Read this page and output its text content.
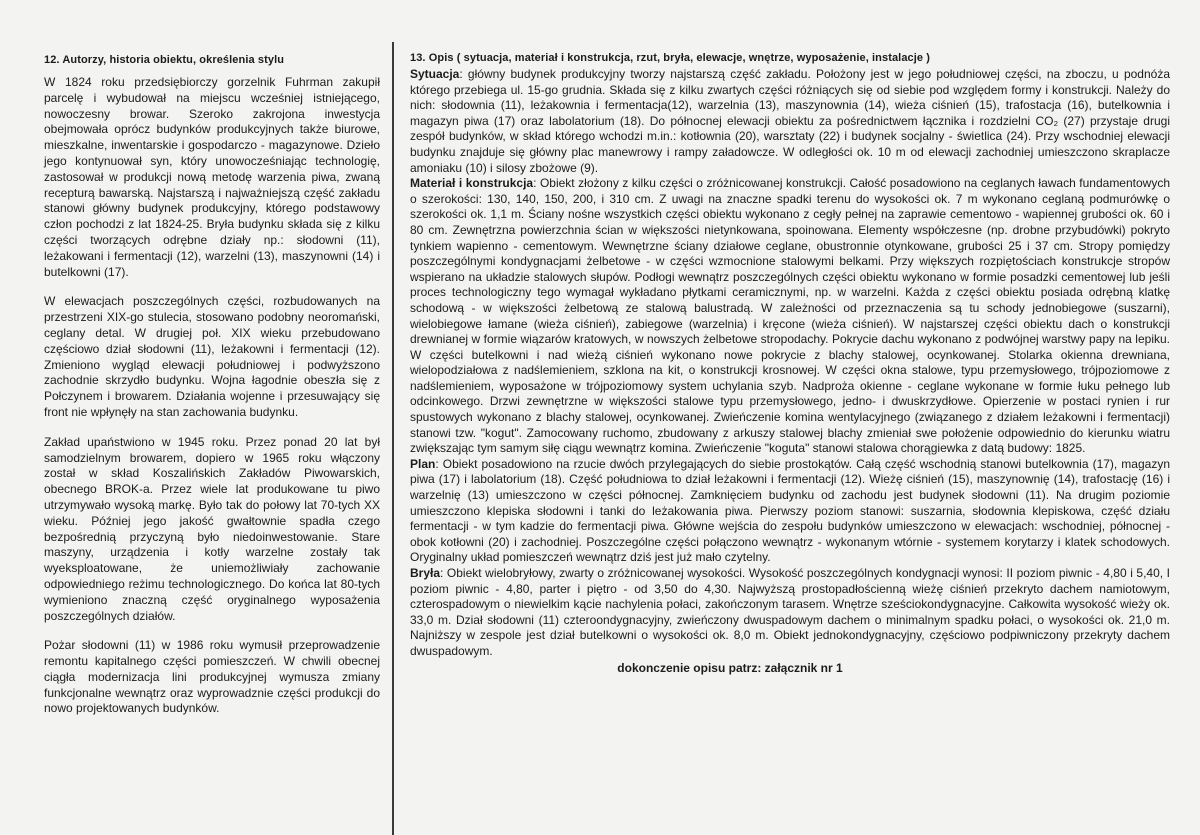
12. Autorzy, historia obiektu, określenia stylu

W 1824 roku przedsiębiorczy gorzelnik Fuhrman zakupił parcelę i wybudował na miejscu wcześniej istniejącego, nowoczesny browar. Szeroko zakrojona inwestycja obejmowała oprócz budynków produkcyjnych także biurowe, mieszkalne, inwentarskie i gospodarczo - magazynowe. Dzieło jego kontynuował syn, który unowocześniając technologię, zastosował w produkcji nową metodę warzenia piwa, zwaną recepturą bawarską. Najstarszą i najważniejszą część zakładu stanowi główny budynek produkcyjny, którego podstawowy człon pochodzi z lat 1824-25. Bryła budynku składa się z kilku części tworzących odrębne działy np.: słodowni (11), leżakowani i fermentacji (12), warzelni (13), maszynowni (14) i butelkowni (17).

W elewacjach poszczególnych części, rozbudowanych na przestrzeni XIX-go stulecia, stosowano podobny neoromański, ceglany detal. W drugiej poł. XIX wieku przebudowano częściowo dział słodowni (11), leżakowni i fermentacji (12). Zmieniono wygląd elewacji południowej i podwyższono zachodnie skrzydło budynku. Wojna łagodnie obeszła się z Połczynem i browarem. Działania wojenne i przesuwający się front nie wpłynęły na stan zachowania budynku.

Zakład upaństwiono w 1945 roku. Przez ponad 20 lat był samodzielnym browarem, dopiero w 1965 roku włączony został w skład Koszalińskich Zakładów Piwowarskich, obecnego BROK-a. Przez wiele lat produkowane tu piwo utrzymywało wysoką markę. Było tak do połowy lat 70-tych XX wieku. Później jego jakość gwałtownie spadła czego bezpośrednią przyczyną było niedoinwestowanie. Stare maszyny, urządzenia i kotły warzelne zostały tak wyeksploatowane, że uniemożliwiały zachowanie odpowiedniego reżimu technologicznego. Do końca lat 80-tych wymieniono znaczną część oryginalnego wyposażenia poszczególnych działów.

Pożar słodowni (11) w 1986 roku wymusił przeprowadzenie remontu kapitalnego części pomieszczeń. W chwili obecnej ciągła modernizacja lini produkcyjnej wymusza zmiany funkcjonalne wewnątrz oraz wyprowadznie części produkcji do nowo projektowanych budynków.

13. Opis ( sytuacja, materiał i konstrukcja, rzut, bryła, elewacje, wnętrze, wyposażenie, instalacje )

Sytuacja: główny budynek produkcyjny tworzy najstarszą część zakładu. Położony jest w jego południowej części, na zboczu, u podnóża którego przebiega ul. 15-go grudnia. Składa się z kilku zwartych części różniących się od siebie pod względem formy i konstrukcji. Należy do nich: słodownia (11), leżakownia i fermentacja(12), warzelnia (13), maszynownia (14), wieża ciśnień (15), trafostacja (16), butelkownia i magazyn piwa (17) oraz labolatorium (18). Do północnej elewacji obiektu za pośrednictwem łącznika i rozdzielni CO₂ (27) przystaje drugi zespół budynków, w skład którego wchodzi m.in.: kotłownia (20), warsztaty (22) i budynek socjalny - świetlica (24). Przy wschodniej elewacji budynku znajduje się główny plac manewrowy i rampy załadowcze. W odległości ok. 10 m od elewacji zachodniej umieszczono skraplacze amoniaku (10) i silosy zbożowe (9).

Materiał i konstrukcja: Obiekt złożony z kilku części o zróżnicowanej konstrukcji. Całość posadowiono na ceglanych ławach fundamentowych o szerokości: 130, 140, 150, 200, i 310 cm. Z uwagi na znaczne spadki terenu do wysokości ok. 7 m wykonano ceglaną podmurówkę o szerokości ok. 1,1 m. Ściany nośne wszystkich części obiektu wykonano z cegły pełnej na zaprawie cementowo - wapiennej grubości ok. 60 i 80 cm. Zewnętrzna powierzchnia ścian w większości nietynkowana, spoinowana. Elementy współczesne (np. drobne przybudówki) pokryto tynkiem wapienno - cementowym. Wewnętrzne ściany działowe ceglane, obustronnie otynkowane, grubości 25 i 37 cm. Stropy pomiędzy poszczególnymi kondygnacjami żelbetowe - w części wzmocnione stalowymi belkami. Przy większych rozpiętościach konstrukcje stropów wspierano na układzie stalowych słupów. Podłogi wewnątrz poszczególnych części obiektu wykonano w formie posadzki cementowej lub jeśli proces technologiczny tego wymagał wykładano płytkami ceramicznymi, np. w warzelni. Każda z części obiektu posiada odrębną klatkę schodową - w większości żelbetową ze stalową balustradą. W zależności od przeznaczenia są tu schody jednobiegowe (suszarni), wielobiegowe łamane (wieża ciśnień), zabiegowe (warzelnia) i kręcone (wieża ciśnień). W najstarszej części obiektu dach o konstrukcji drewnianej w formie wiązarów kratowych, w nowszych żelbetowe stropodachy. Pokrycie dachu wykonano z podwójnej warstwy papy na lepiku. W części butelkowni i nad wieżą ciśnień wykonano nowe pokrycie z blachy stalowej, ocynkowanej. Stolarka okienna drewniana, wielopodziałowa z nadślemieniem, szklona na kit, o konstrukcji krosnowej. W części okna stalowe, typu przemysłowego, trójpoziomowe z nadślemieniem, wyposażone w trójpoziomowy system uchylania szyb. Nadproża okienne - ceglane wykonane w formie łuku pełnego lub odcinkowego. Drzwi zewnętrzne w większości stalowe typu przemysłowego, jedno- i dwuskrzydłowe. Opierzenie w postaci rynien i rur spustowych wykonano z blachy stalowej, ocynkowanej. Zwieńczenie komina wentylacyjnego (związanego z działem leżakowni i fermentacji) stanowi tzw. "kogut". Zamocowany ruchomo, zbudowany z arkuszy stalowej blachy zmieniał swe położenie odpowiednio do kierunku wiatru zwiększając tym samym siłę ciągu wewnątrz komina. Zwieńczenie "koguta" stanowi stalowa chorągiewka z datą budowy: 1825.

Plan: Obiekt posadowiono na rzucie dwóch przylegających do siebie prostokątów. Całą część wschodnią stanowi butelkownia (17), magazyn piwa (17) i labolatorium (18). Część południowa to dział leżakowni i fermentacji (12). Wieżę ciśnień (15), maszynownię (14), trafostację (16) i warzelnię (13) umieszczono w części północnej. Zamknięciem budynku od zachodu jest budynek słodowni (11). Na drugim poziomie umieszczono klepiska słodowni i tanki do leżakowania piwa. Pierwszy poziom stanowi: suszarnia, słodownia klepiskowa, część działu fermentacji - w tym kadzie do fermentacji piwa. Główne wejścia do zespołu budynków umieszczono w elewacjach: wschodniej, północnej - obok kotłowni (20) i zachodniej. Poszczególne części połączono wewnątrz - wykonanym wtórnie - systemem korytarzy i klatek schodowych. Oryginalny układ pomieszczeń wewnątrz dziś jest już mało czytelny.

Bryła: Obiekt wielobryłowy, zwarty o zróżnicowanej wysokości. Wysokość poszczególnych kondygnacji wynosi: II poziom piwnic - 4,80 i 5,40, I poziom piwnic - 4,80, parter i piętro - od 3,50 do 4,30. Najwyższą prostopadłościenną wieżę ciśnień przekryto dachem namiotowym, czterospadowym o niewielkim kącie nachylenia połaci, zakończonym tarasem. Wnętrze sześciokondygnacyjne. Całkowita wysokość wieży ok. 33,0 m. Dział słodowni (11) czteroondygnacyjny, zwieńczony dwuspadowym dachem o minimalnym spadku połaci, o wysokości ok. 21,0 m. Najniższy w zespole jest dział butelkowni o wysokości ok. 8,0 m. Obiekt jednokondygnacyjny, częściowo podpiwniczony przekryty dachem dwuspadowym.

dokonczenie opisu patrz: załącznik nr 1
